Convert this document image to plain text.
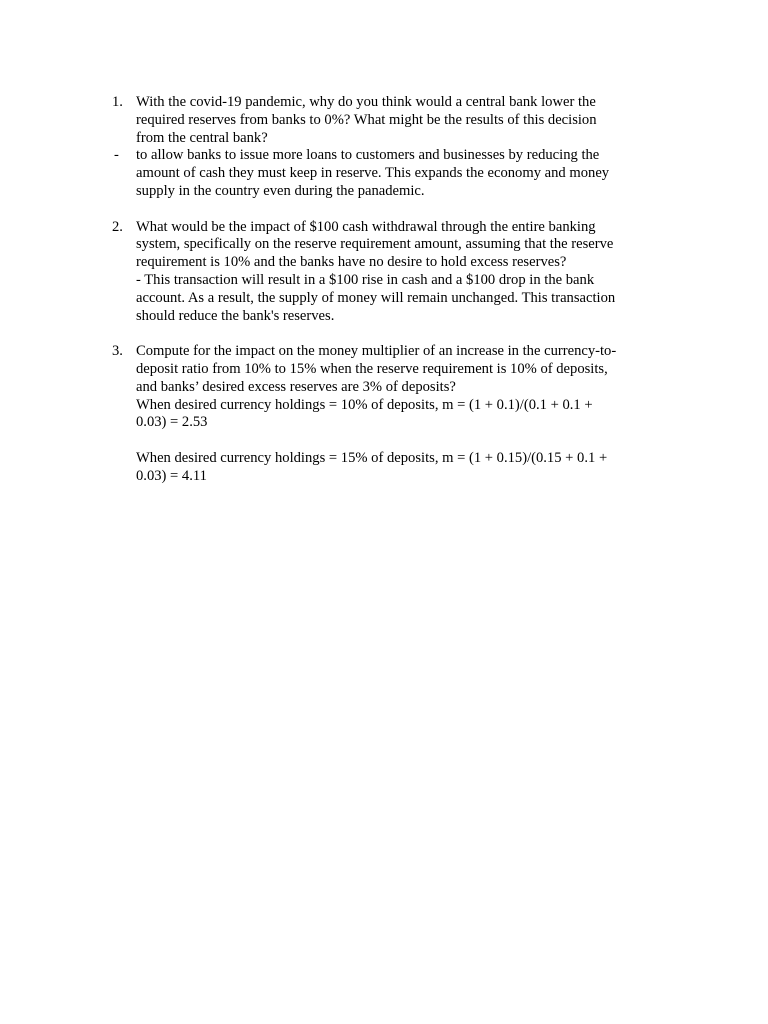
1. With the covid-19 pandemic, why do you think would a central bank lower the
required reserves from banks to 0%? What might be the results of this decision
from the central bank?
-	to allow banks to issue more loans to customers and businesses by reducing the
amount of cash they must keep in reserve. This expands the economy and money
supply in the country even during the panademic.
2. What would be the impact of $100 cash withdrawal through the entire banking
system, specifically on the reserve requirement amount, assuming that the reserve
requirement is 10% and the banks have no desire to hold excess reserves?
- This transaction will result in a $100 rise in cash and a $100 drop in the bank
account. As a result, the supply of money will remain unchanged. This transaction
should reduce the bank's reserves.
3. Compute for the impact on the money multiplier of an increase in the currency-to-
deposit ratio from 10% to 15% when the reserve requirement is 10% of deposits,
and banks’ desired excess reserves are 3% of deposits?
When desired currency holdings = 10% of deposits, m = (1 + 0.1)/(0.1 + 0.1 +
0.03) = 2.53
When desired currency holdings = 15% of deposits, m = (1 + 0.15)/(0.15 + 0.1 +
0.03) = 4.11
